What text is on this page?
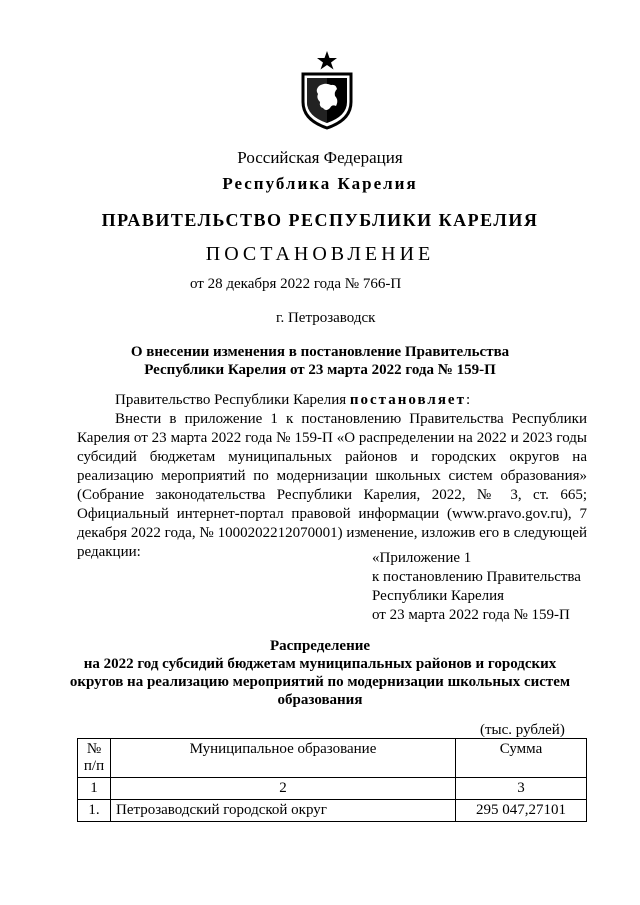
Российская Федерация
Республика Карелия
ПРАВИТЕЛЬСТВО РЕСПУБЛИКИ КАРЕЛИЯ
ПОСТАНОВЛЕНИЕ
от 28 декабря 2022 года № 766-П
г. Петрозаводск
О внесении изменения в постановление Правительства
Республики Карелия от 23 марта 2022 года № 159-П
Правительство Республики Карелия постановляет:
Внести в приложение 1 к постановлению Правительства Республики Карелия от 23 марта 2022 года № 159-П «О распределении на 2022 и 2023 годы субсидий бюджетам муниципальных районов и городских округов на реализацию мероприятий по модернизации школьных систем образования» (Собрание законодательства Республики Карелия, 2022, № 3, ст. 665; Официальный интернет-портал правовой информации (www.pravo.gov.ru), 7 декабря 2022 года, № 1000202212070001) изменение, изложив его в следующей редакции:	«Приложение 1
к постановлению Правительства
Республики Карелия
от 23 марта 2022 года № 159-П
Распределение
на 2022 год субсидий бюджетам муниципальных районов и городских
округов на реализацию мероприятий по модернизации школьных систем
образования
(тыс. рублей)
№ п/п	Муниципальное образование	Сумма
1	2	3
1.	Петрозаводский городской округ	295 047,27101
